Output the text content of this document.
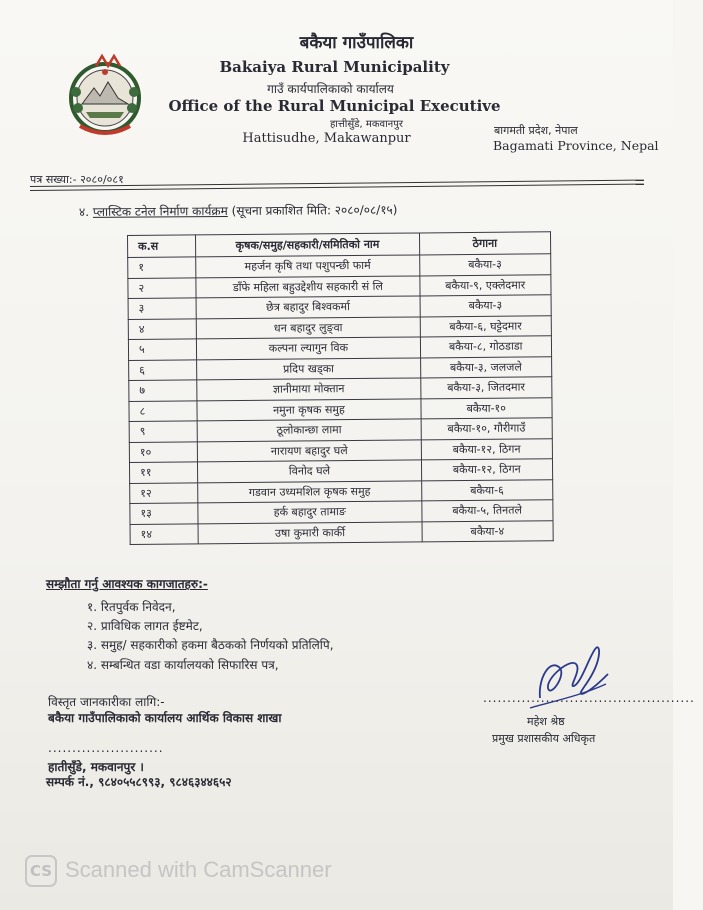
बकैया गाउँपालिका
Bakaiya Rural Municipality
गाउँ कार्यपालिकाको कार्यालय
Office of the Rural Municipal Executive
हात्तीसुँडे, मकवानपुर
Hattisudhe, Makawanpur
बागमती प्रदेश, नेपाल
Bagamati Province, Nepal
पत्र सख्या:- २०८०/०८१
४. प्लास्टिक टनेल निर्माण कार्यक्रम (सूचना प्रकाशित मिति: २०८०/०८/१५)
क.स	कृषक/समुह/सहकारी/समितिको नाम	ठेगाना
१	महर्जन कृषि तथा पशुपन्छी फार्म	बकैया-३
२	डाँफे महिला बहुउद्देशीय सहकारी सं लि	बकैया-९, एक्लेदमार
३	छेत्र बहादुर बिश्वकर्मा	बकैया-३
४	धन बहादुर लुङ्वा	बकैया-६, घट्टेदमार
५	कल्पना ल्यागुन विक	बकैया-८, गोठडाडा
६	प्रदिप खड्का	बकैया-३, जलजले
७	ज्ञानीमाया मोक्तान	बकैया-३, जितदमार
८	नमुना कृषक समुह	बकैया-१०
९	ठूलोकान्छा लामा	बकैया-१०, गौरीगाउँ
१०	नारायण बहादुर घले	बकैया-१२, ठिगन
११	विनोद घले	बकैया-१२, ठिगन
१२	गडवान उध्यमशिल कृषक समुह	बकैया-६
१३	हर्क बहादुर तामाङ	बकैया-५, तिनतले
१४	उषा कुमारी कार्की	बकैया-४
सम्झौता गर्नु आवश्यक कागजातहरु:-
१. रितपुर्वक निवेदन,
२. प्राविधिक लागत ईष्टमेट,
३. समुह/ सहकारीको हकमा बैठकको निर्णयको प्रतिलिपि,
४. सम्बन्धित वडा कार्यालयको सिफारिस पत्र,
विस्तृत जानकारीका लागि:-
बकैया गाउँपालिकाको कार्यालय आर्थिक विकास शाखा
........................
हातीसुँडे, मकवानपुर ।
सम्पर्क नं., ९८४०५५८९९३, ९८४६३४४६५२
............................................
महेश श्रेष्ठ
प्रमुख प्रशासकीय अधिकृत
CS Scanned with CamScanner
